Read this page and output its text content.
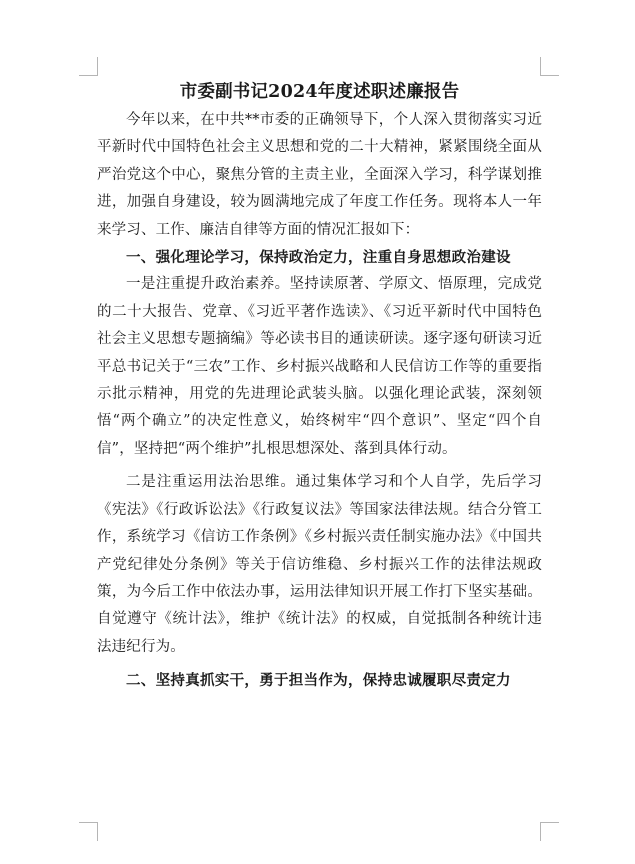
市委副书记2024年度述职述廉报告

今年以来，在中共**市委的正确领导下，个人深入贯彻落实习近平新时代中国特色社会主义思想和党的二十大精神，紧紧围绕全面从严治党这个中心，聚焦分管的主责主业，全面深入学习，科学谋划推进，加强自身建设，较为圆满地完成了年度工作任务。现将本人一年来学习、工作、廉洁自律等方面的情况汇报如下：

一、强化理论学习，保持政治定力，注重自身思想政治建设

一是注重提升政治素养。坚持读原著、学原文、悟原理，完成党的二十大报告、党章、《习近平著作选读》、《习近平新时代中国特色社会主义思想专题摘编》等必读书目的通读研读。逐字逐句研读习近平总书记关于“三农”工作、乡村振兴战略和人民信访工作等的重要指示批示精神，用党的先进理论武装头脑。以强化理论武装，深刻领悟“两个确立”的决定性意义，始终树牢“四个意识”、坚定“四个自信”，坚持把“两个维护”扎根思想深处、落到具体行动。

二是注重运用法治思维。通过集体学习和个人自学，先后学习《宪法》《行政诉讼法》《行政复议法》等国家法律法规。结合分管工作，系统学习《信访工作条例》《乡村振兴责任制实施办法》《中国共产党纪律处分条例》等关于信访维稳、乡村振兴工作的法律法规政策，为今后工作中依法办事，运用法律知识开展工作打下坚实基础。自觉遵守《统计法》，维护《统计法》的权威，自觉抵制各种统计违法违纪行为。

二、坚持真抓实干，勇于担当作为，保持忠诚履职尽责定力
